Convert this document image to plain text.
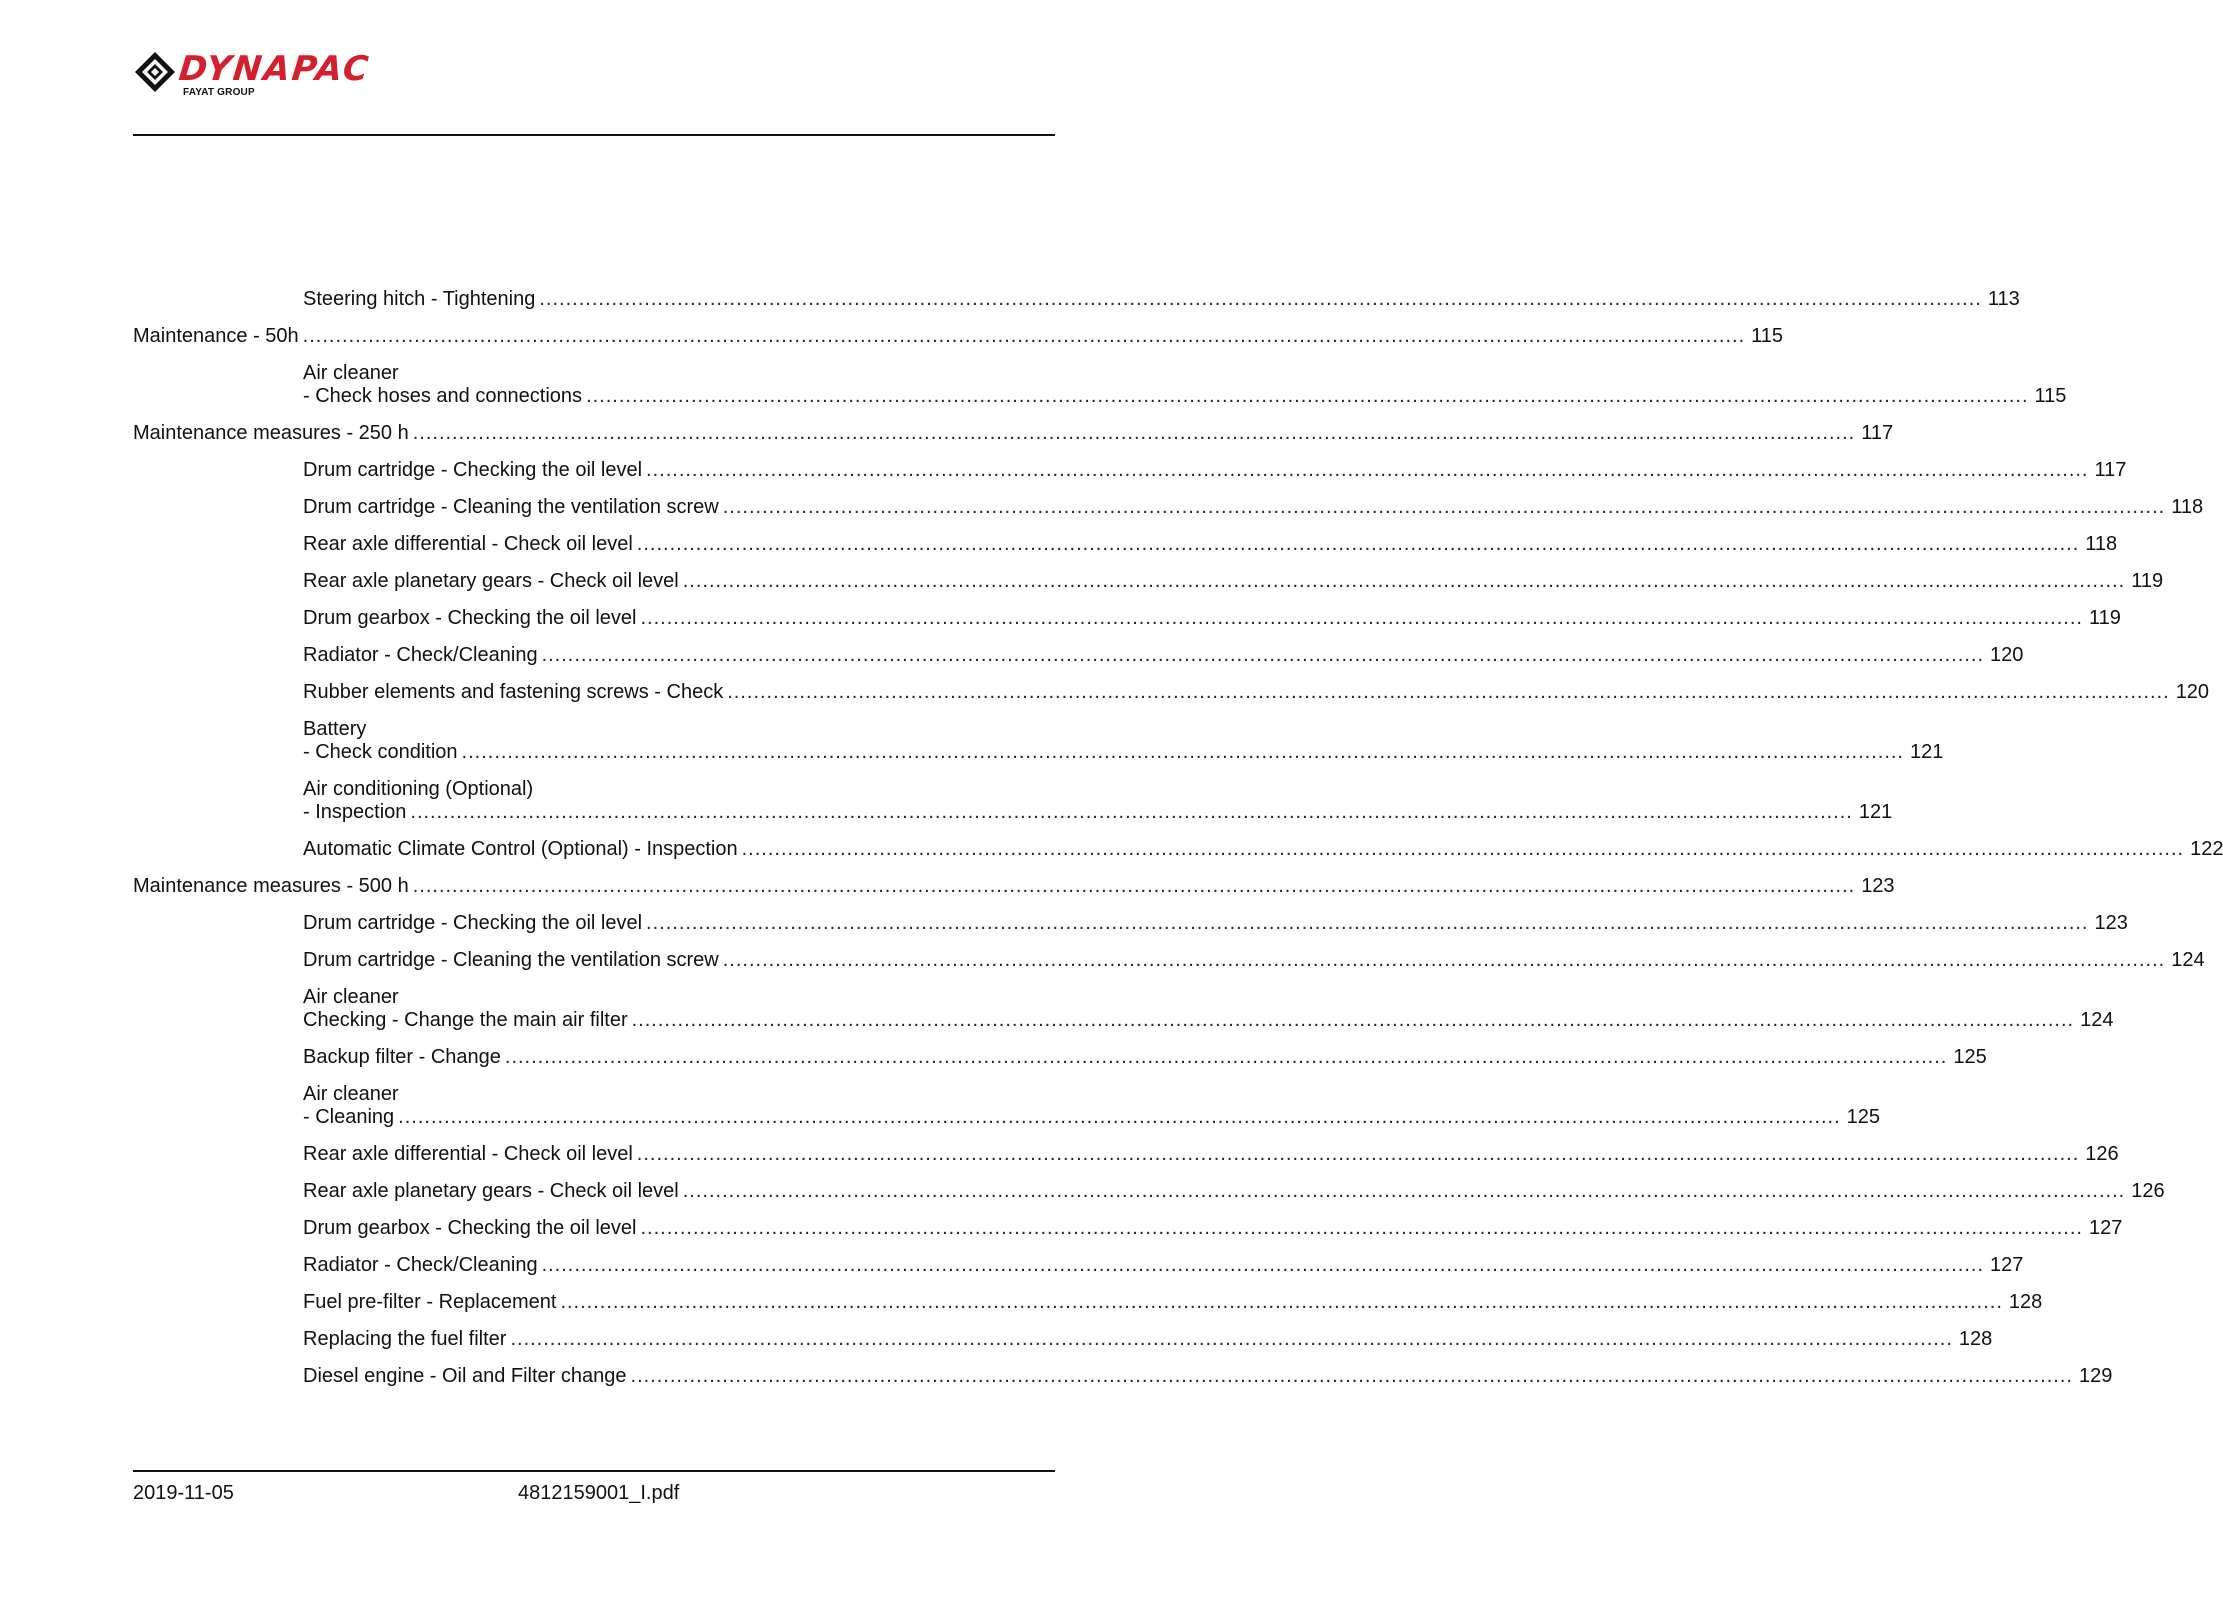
DYNAPAC
FAYAT GROUP
Steering hitch - Tightening ............................................................................................................................................................................................................................ 113
Maintenance - 50h ............................................................................................................................................................................................................................ 115
Air cleaner
- Check hoses and connections ............................................................................................................................................................................................................................ 115
Maintenance measures - 250 h ............................................................................................................................................................................................................................ 117
Drum cartridge - Checking the oil level ............................................................................................................................................................................................................................ 117
Drum cartridge - Cleaning the ventilation screw ............................................................................................................................................................................................................................ 118
Rear axle differential - Check oil level ............................................................................................................................................................................................................................ 118
Rear axle planetary gears - Check oil level ............................................................................................................................................................................................................................ 119
Drum gearbox - Checking the oil level ............................................................................................................................................................................................................................ 119
Radiator - Check/Cleaning ............................................................................................................................................................................................................................ 120
Rubber elements and fastening screws - Check ............................................................................................................................................................................................................................ 120
Battery
- Check condition ............................................................................................................................................................................................................................ 121
Air conditioning (Optional)
- Inspection ............................................................................................................................................................................................................................ 121
Automatic Climate Control (Optional) - Inspection ............................................................................................................................................................................................................................ 122
Maintenance measures - 500 h ............................................................................................................................................................................................................................ 123
Drum cartridge - Checking the oil level ............................................................................................................................................................................................................................ 123
Drum cartridge - Cleaning the ventilation screw ............................................................................................................................................................................................................................ 124
Air cleaner
Checking - Change the main air filter ............................................................................................................................................................................................................................ 124
Backup filter - Change ............................................................................................................................................................................................................................ 125
Air cleaner
- Cleaning ............................................................................................................................................................................................................................ 125
Rear axle differential - Check oil level ............................................................................................................................................................................................................................ 126
Rear axle planetary gears - Check oil level ............................................................................................................................................................................................................................ 126
Drum gearbox - Checking the oil level ............................................................................................................................................................................................................................ 127
Radiator - Check/Cleaning ............................................................................................................................................................................................................................ 127
Fuel pre-filter - Replacement ............................................................................................................................................................................................................................ 128
Replacing the fuel filter ............................................................................................................................................................................................................................ 128
Diesel engine - Oil and Filter change ............................................................................................................................................................................................................................ 129
2019-11-05	4812159001_I.pdf
